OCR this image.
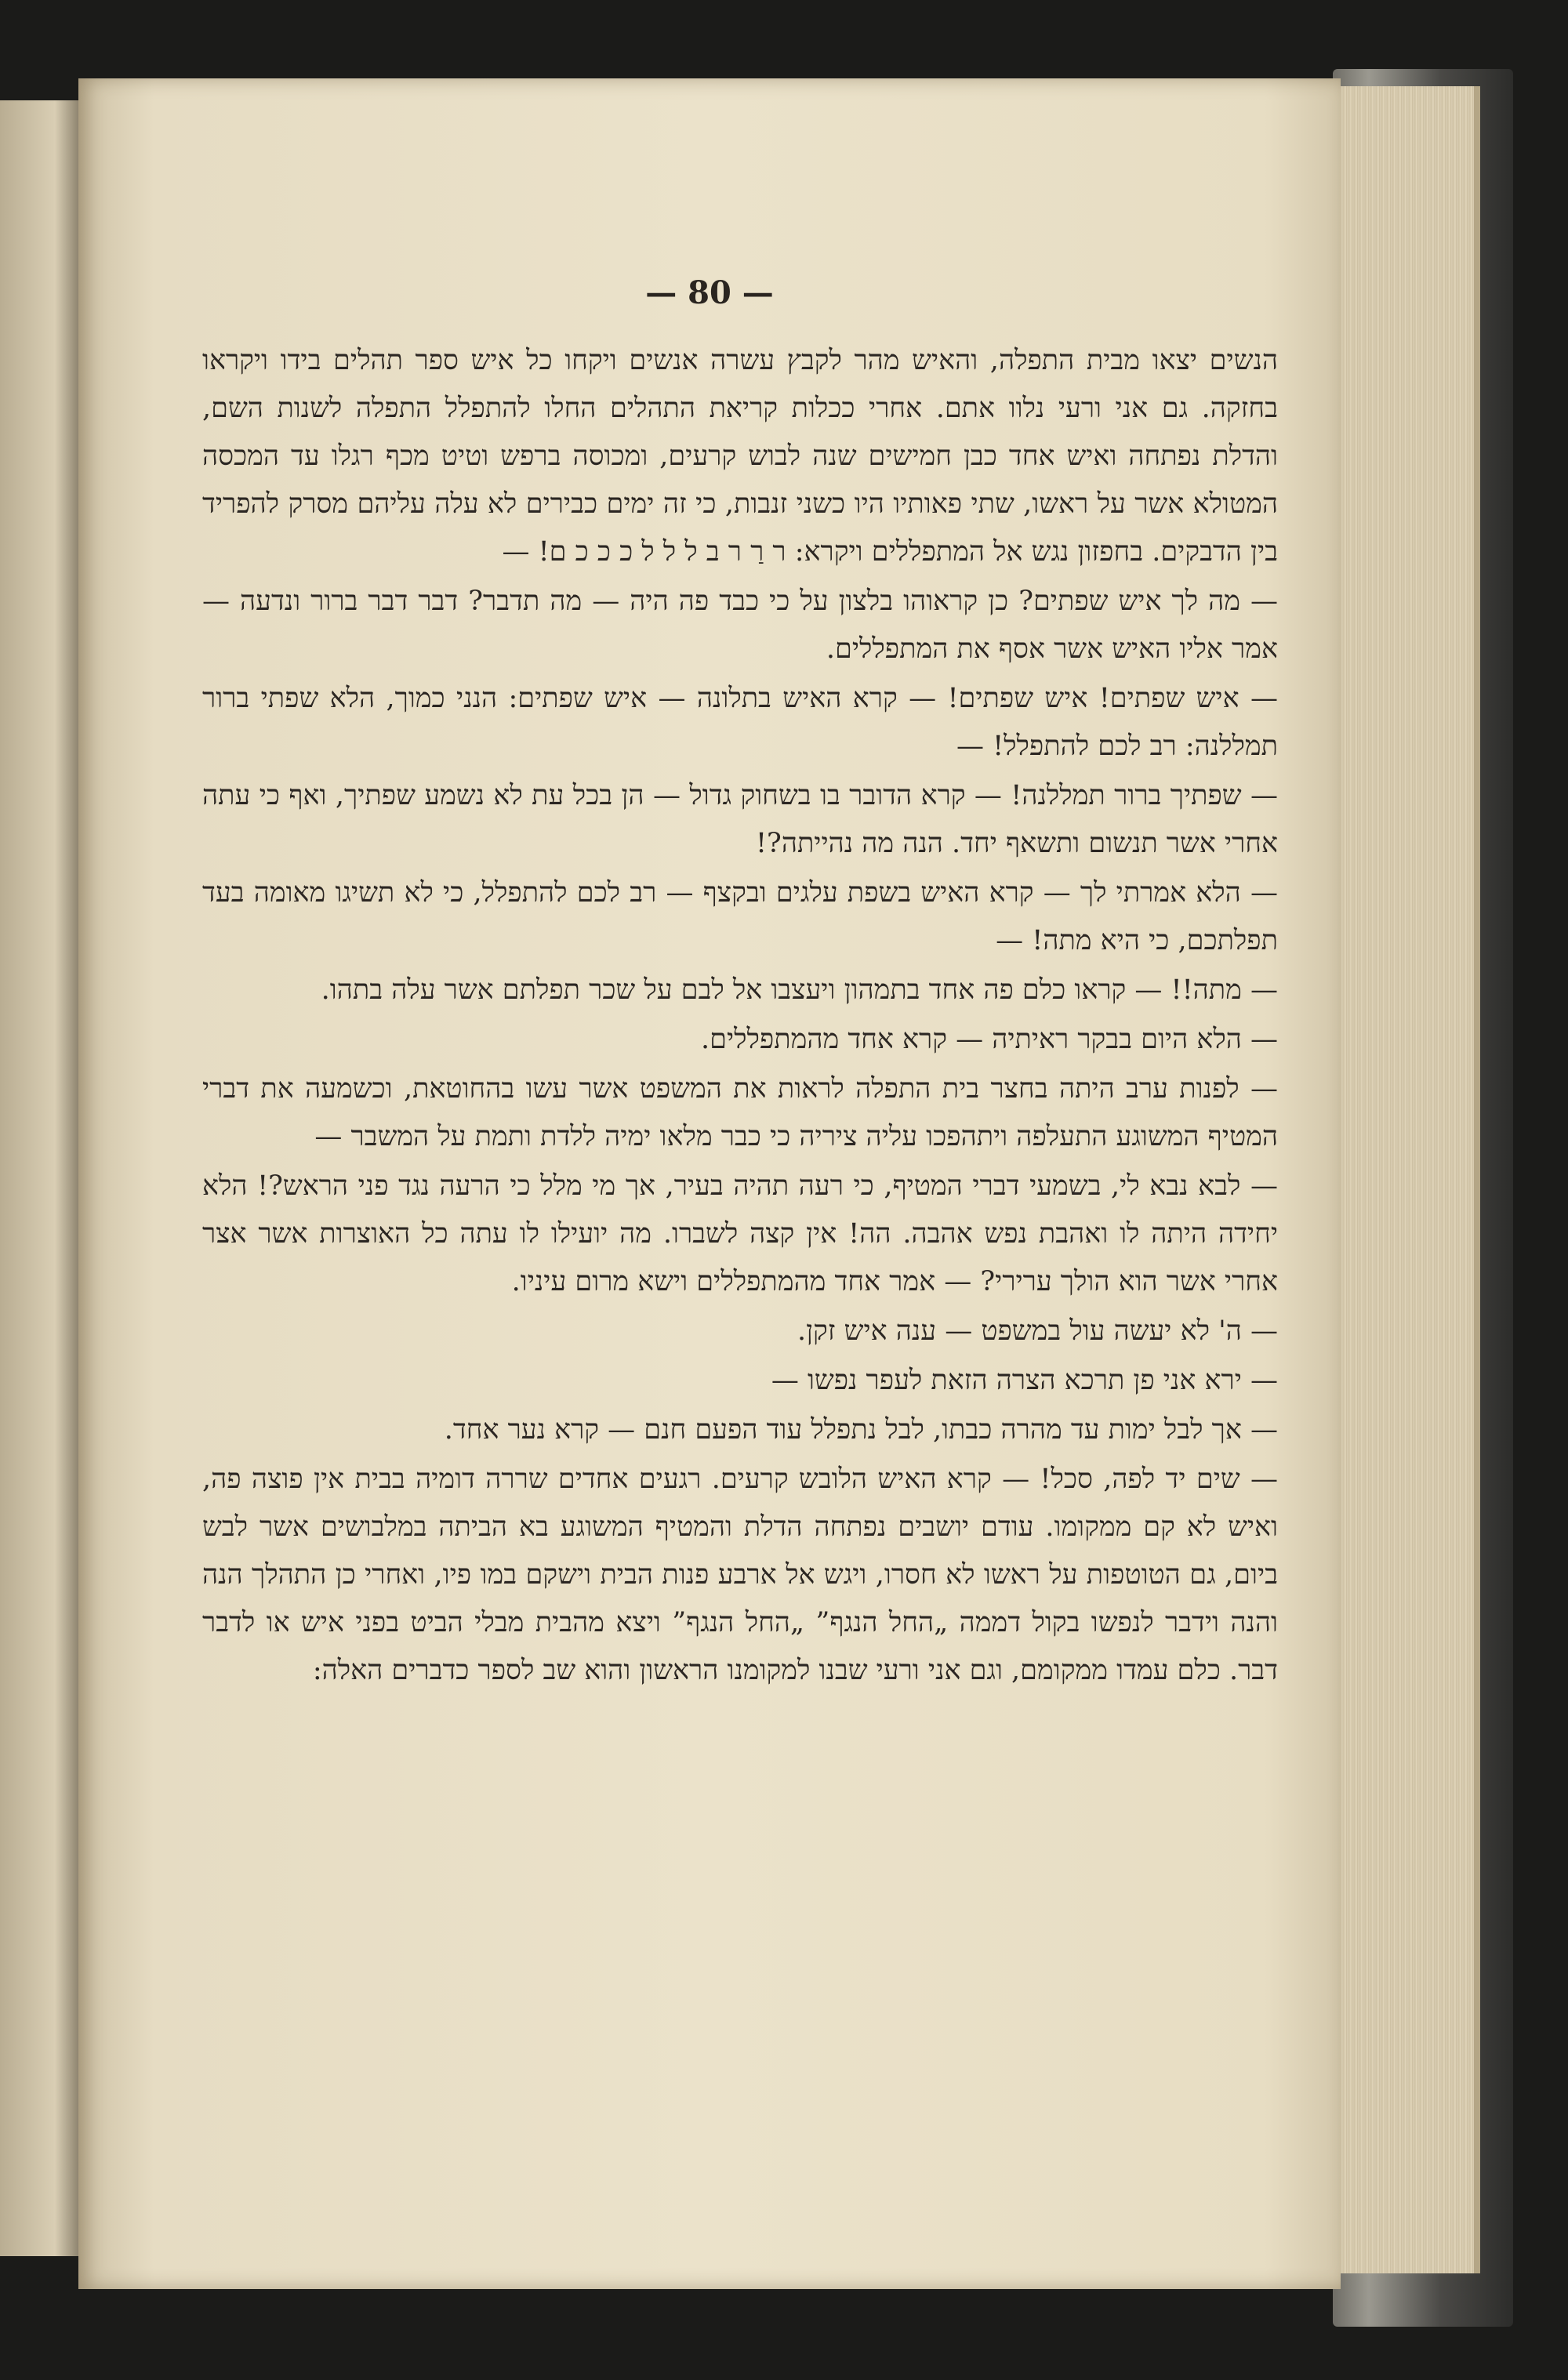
— 80 —

הנשים יצאו מבית התפלה, והאיש מהר לקבץ עשרה אנשים ויקחו כל איש ספר תהלים בידו ויקראו בחזקה. גם אני ורעי נלוו אתם. אחרי ככלות קריאת התהלים החלו להתפלל התפלה לשנות השם, והדלת נפתחה ואיש אחד כבן חמישים שנה לבוש קרעים, ומכוסה ברפש וטיט מכף רגלו עד המכסה המטולא אשר על ראשו, שתי פאותיו היו כשני זנבות, כי זה ימים כבירים לא עלה עליהם מסרק להפריד בין הדבקים. בחפזון נגש אל המתפללים ויקרא: ר רַ ר ב ל ל ל כ כ כ ם! —

— מה לך איש שפתים? כן קראוהו בלצון על כי כבד פה היה — מה תדבר? דבר דבר ברור ונדעה — אמר אליו האיש אשר אסף את המתפללים.

— איש שפתים! איש שפתים! — קרא האיש בתלונה — איש שפתים: הנני כמוך, הלא שפתי ברור תמללנה: רב לכם להתפלל! —

— שפתיך ברור תמללנה! — קרא הדובר בו בשחוק גדול — הן בכל עת לא נשמע שפתיך, ואף כי עתה אחרי אשר תנשום ותשאף יחד. הנה מה נהייתה?!

— הלא אמרתי לך — קרא האיש בשפת עלגים ובקצף — רב לכם להתפלל, כי לא תשיגו מאומה בעד תפלתכם, כי היא מתה! —

— מתה!! — קראו כלם פה אחד בתמהון ויעצבו אל לבם על שכר תפלתם אשר עלה בתהו.

— הלא היום בבקר ראיתיה — קרא אחד מהמתפללים.

— לפנות ערב היתה בחצר בית התפלה לראות את המשפט אשר עשו בהחוטאת, וכשמעה את דברי המטיף המשוגע התעלפה ויתהפכו עליה ציריה כי כבר מלאו ימיה ללדת ותמת על המשבר —

— לבא נבא לי, בשמעי דברי המטיף, כי רעה תהיה בעיר, אך מי מלל כי הרעה נגד פני הראש?! הלא יחידה היתה לו ואהבת נפש אהבה. הה! אין קצה לשברו. מה יועילו לו עתה כל האוצרות אשר אצר אחרי אשר הוא הולך ערירי? — אמר אחד מהמתפללים וישא מרום עיניו.

— ה' לא יעשה עול במשפט — ענה איש זקן.

— ירא אני פן תרכא הצרה הזאת לעפר נפשו —

— אך לבל ימות עד מהרה כבתו, לבל נתפלל עוד הפעם חנם — קרא נער אחד.

— שים יד לפה, סכל! — קרא האיש הלובש קרעים. רגעים אחדים שררה דומיה בבית אין פוצה פה, ואיש לא קם ממקומו. עודם יושבים נפתחה הדלת והמטיף המשוגע בא הביתה במלבושים אשר לבש ביום, גם הטוטפות על ראשו לא חסרו, ויגש אל ארבע פנות הבית וישקם במו פיו, ואחרי כן התהלך הנה והנה וידבר לנפשו בקול דממה „החל הנגף” „החל הנגף” ויצא מהבית מבלי הביט בפני איש או לדבר דבר. כלם עמדו ממקומם, וגם אני ורעי שבנו למקומנו הראשון והוא שב לספר כדברים האלה:
